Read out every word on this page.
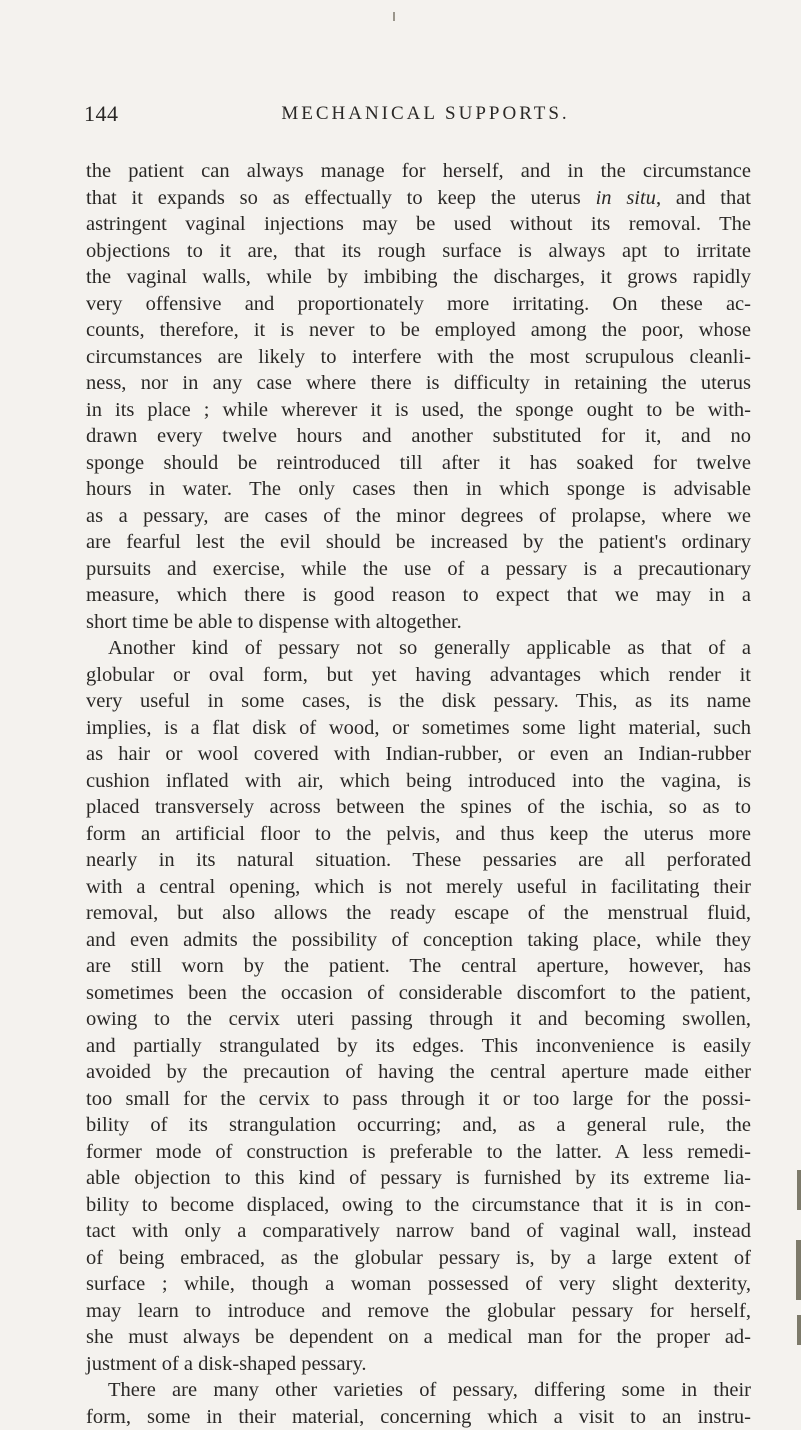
144	MECHANICAL SUPPORTS.
the patient can always manage for herself, and in the circumstance
that it expands so as effectually to keep the uterus in situ, and that
astringent vaginal injections may be used without its removal. The
objections to it are, that its rough surface is always apt to irritate
the vaginal walls, while by imbibing the discharges, it grows rapidly
very offensive and proportionately more irritating. On these ac-
counts, therefore, it is never to be employed among the poor, whose
circumstances are likely to interfere with the most scrupulous cleanli-
ness, nor in any case where there is difficulty in retaining the uterus
in its place ; while wherever it is used, the sponge ought to be with-
drawn every twelve hours and another substituted for it, and no
sponge should be reintroduced till after it has soaked for twelve
hours in water. The only cases then in which sponge is advisable
as a pessary, are cases of the minor degrees of prolapse, where we
are fearful lest the evil should be increased by the patient's ordinary
pursuits and exercise, while the use of a pessary is a precautionary
measure, which there is good reason to expect that we may in a
short time be able to dispense with altogether.
Another kind of pessary not so generally applicable as that of a
globular or oval form, but yet having advantages which render it
very useful in some cases, is the disk pessary. This, as its name
implies, is a flat disk of wood, or sometimes some light material, such
as hair or wool covered with Indian-rubber, or even an Indian-rubber
cushion inflated with air, which being introduced into the vagina, is
placed transversely across between the spines of the ischia, so as to
form an artificial floor to the pelvis, and thus keep the uterus more
nearly in its natural situation. These pessaries are all perforated
with a central opening, which is not merely useful in facilitating their
removal, but also allows the ready escape of the menstrual fluid,
and even admits the possibility of conception taking place, while they
are still worn by the patient. The central aperture, however, has
sometimes been the occasion of considerable discomfort to the patient,
owing to the cervix uteri passing through it and becoming swollen,
and partially strangulated by its edges. This inconvenience is easily
avoided by the precaution of having the central aperture made either
too small for the cervix to pass through it or too large for the possi-
bility of its strangulation occurring; and, as a general rule, the
former mode of construction is preferable to the latter. A less remedi-
able objection to this kind of pessary is furnished by its extreme lia-
bility to become displaced, owing to the circumstance that it is in con-
tact with only a comparatively narrow band of vaginal wall, instead
of being embraced, as the globular pessary is, by a large extent of
surface ; while, though a woman possessed of very slight dexterity,
may learn to introduce and remove the globular pessary for herself,
she must always be dependent on a medical man for the proper ad-
justment of a disk-shaped pessary.
There are many other varieties of pessary, differing some in their
form, some in their material, concerning which a visit to an instru-
